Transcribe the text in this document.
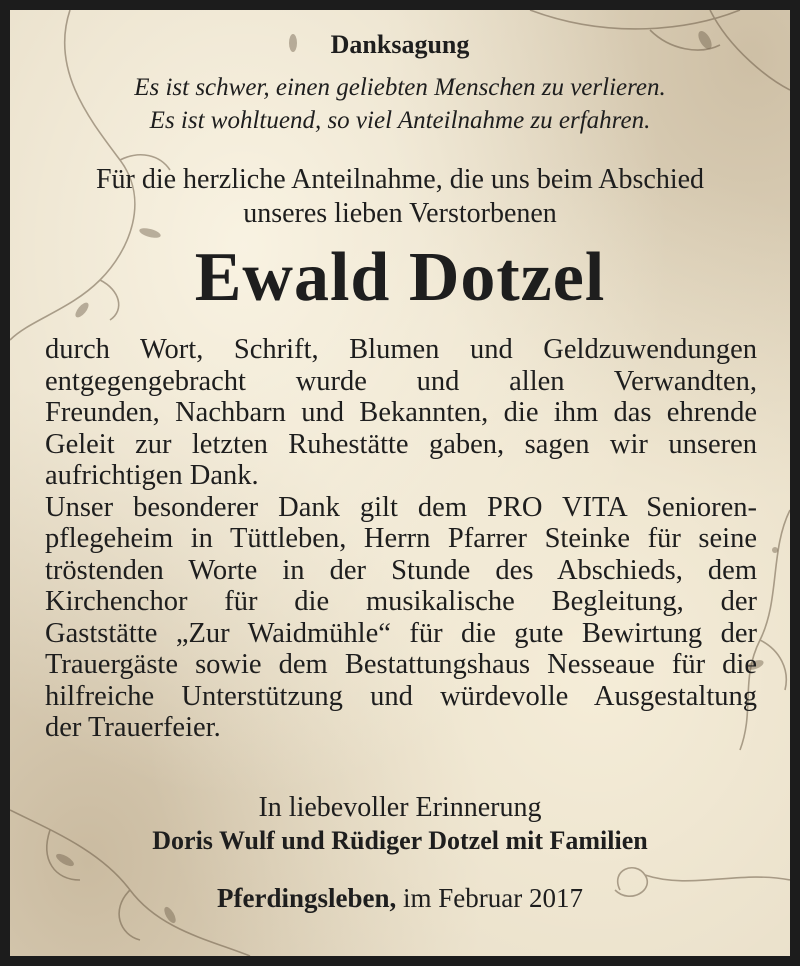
Danksagung
Es ist schwer, einen geliebten Menschen zu verlieren.
Es ist wohltuend, so viel Anteilnahme zu erfahren.
Für die herzliche Anteilnahme, die uns beim Abschied
unseres lieben Verstorbenen
Ewald Dotzel
durch Wort, Schrift, Blumen und Geldzuwendungen
entgegengebracht wurde und allen Verwandten,
Freunden, Nachbarn und Bekannten, die ihm das ehrende
Geleit zur letzten Ruhestätte gaben, sagen wir unseren
aufrichtigen Dank.
Unser besonderer Dank gilt dem PRO VITA Senioren-
pflegeheim in Tüttleben, Herrn Pfarrer Steinke für seine
tröstenden Worte in der Stunde des Abschieds, dem
Kirchenchor für die musikalische Begleitung, der
Gaststätte „Zur Waidmühle“ für die gute Bewirtung der
Trauergäste sowie dem Bestattungshaus Nesseaue für die
hilfreiche Unterstützung und würdevolle Ausgestaltung
der Trauerfeier.
In liebevoller Erinnerung
Doris Wulf und Rüdiger Dotzel mit Familien
Pferdingsleben, im Februar 2017
